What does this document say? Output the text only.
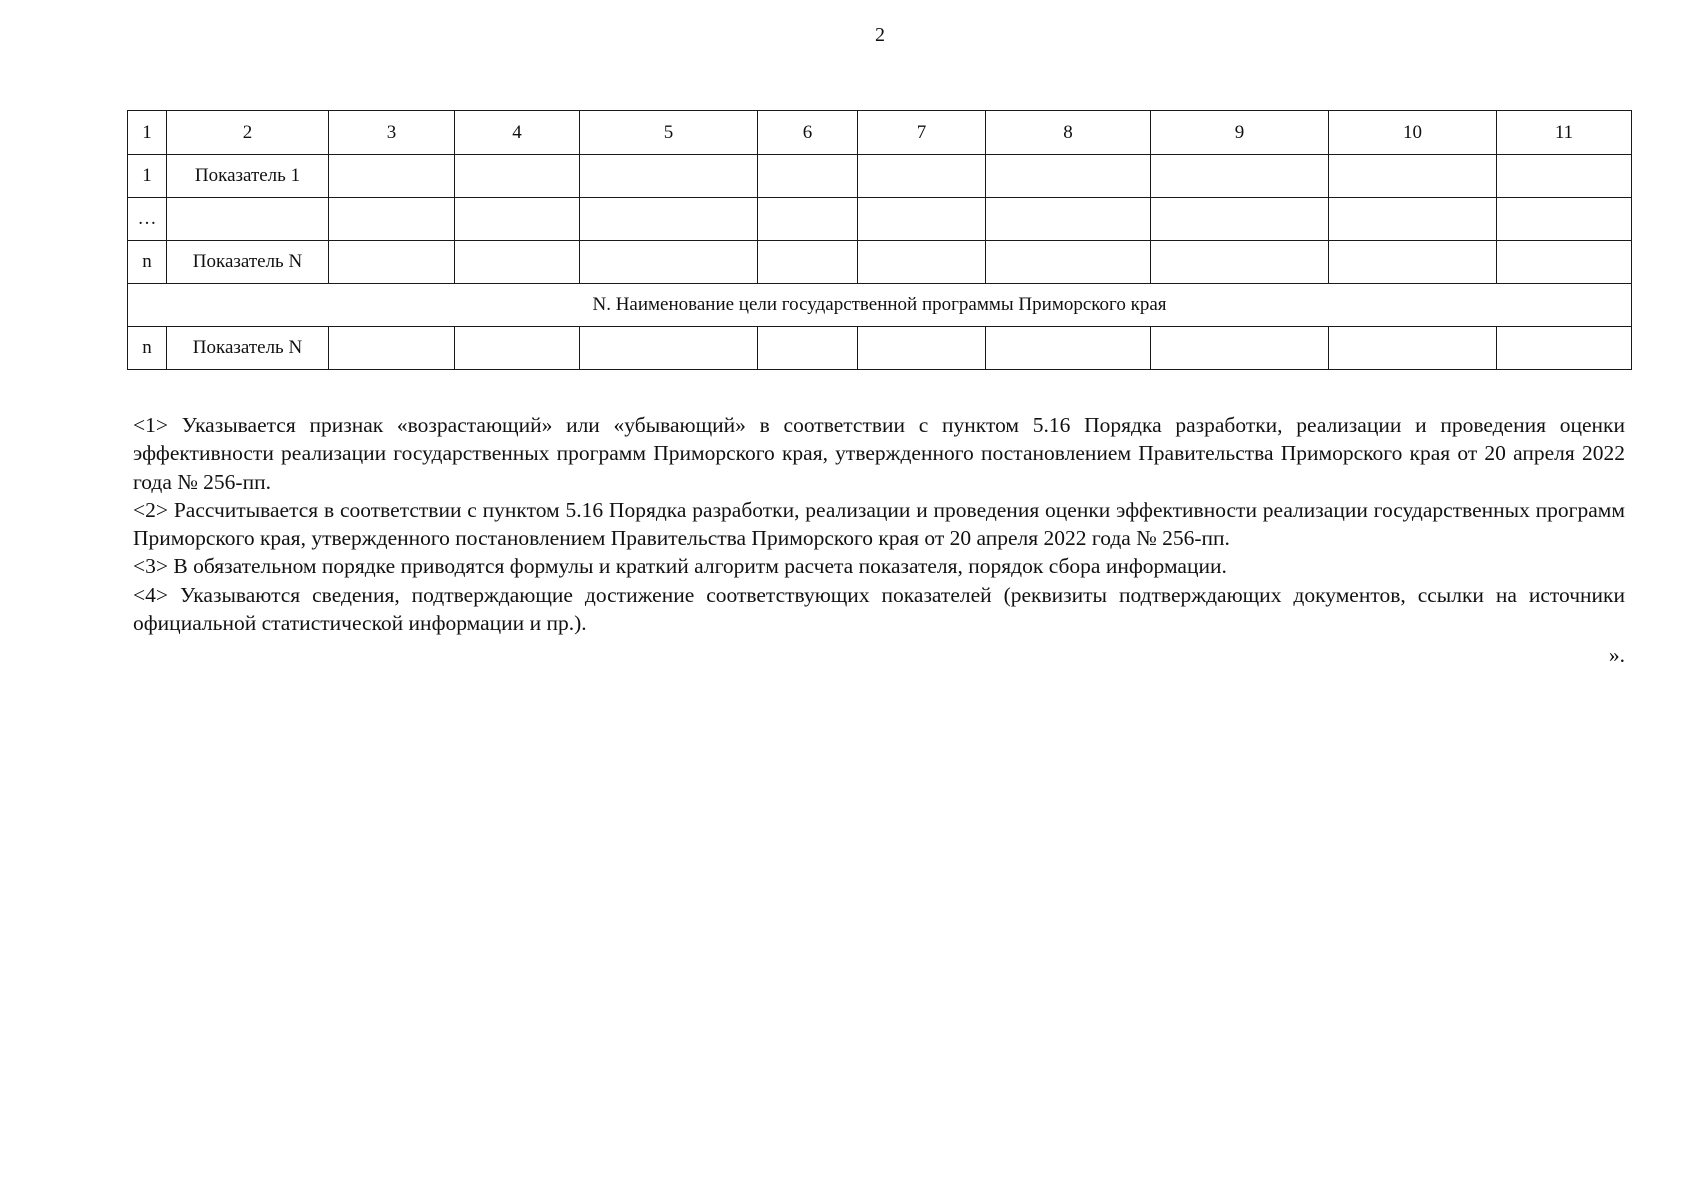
2
1	2	3	4	5	6	7	8	9	10	11
1	Показатель 1									
…										
n	Показатель N									
N. Наименование цели государственной программы Приморского края										
n	Показатель N									

<1> Указывается признак «возрастающий» или «убывающий» в соответствии с пунктом 5.16 Порядка разработки, реализации и проведения оценки эффективности реализации государственных программ Приморского края, утвержденного постановлением Правительства Приморского края от 20 апреля 2022 года № 256-пп.

<2> Рассчитывается в соответствии с пунктом 5.16 Порядка разработки, реализации и проведения оценки эффективности реализации государственных программ Приморского края, утвержденного постановлением Правительства Приморского края от 20 апреля 2022 года № 256-пп.

<3> В обязательном порядке приводятся формулы и краткий алгоритм расчета показателя, порядок сбора информации.

<4> Указываются сведения, подтверждающие достижение соответствующих показателей (реквизиты подтверждающих документов, ссылки на источники официальной статистической информации и пр.).

».
